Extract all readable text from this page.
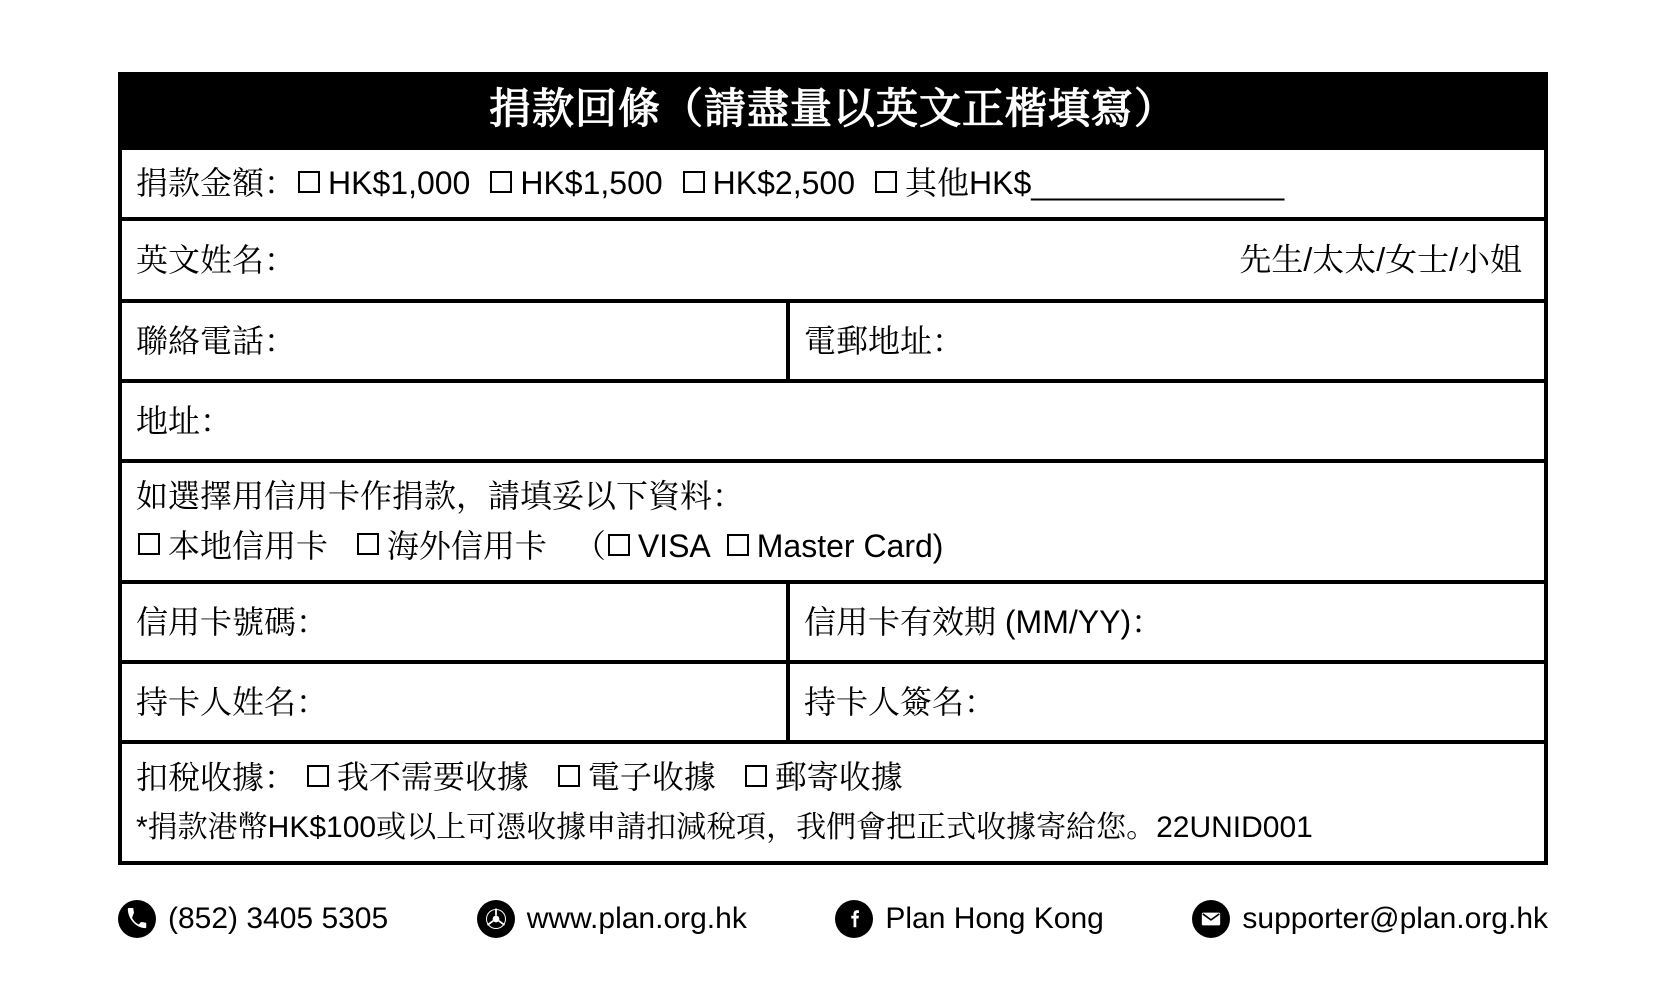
捐款回條（請盡量以英文正楷填寫）
捐款金額： HK$1,000 HK$1,500 HK$2,500 其他HK$ _______________
英文姓名：	先生/太太/女士/小姐
聯絡電話：	電郵地址：
地址：
如選擇用信用卡作捐款，請填妥以下資料：
本地信用卡
海外信用卡
（ VISA Master Card)
信用卡號碼：	信用卡有效期 (MM/YY)：
持卡人姓名：	持卡人簽名：
扣稅收據： 我不需要收據
電子收據
郵寄收據
*捐款港幣HK$100或以上可憑收據申請扣減稅項，我們會把正式收據寄給您。22UNID001
(852) 3405 5305	www.plan.org.hk	Plan Hong Kong	supporter@plan.org.hk
